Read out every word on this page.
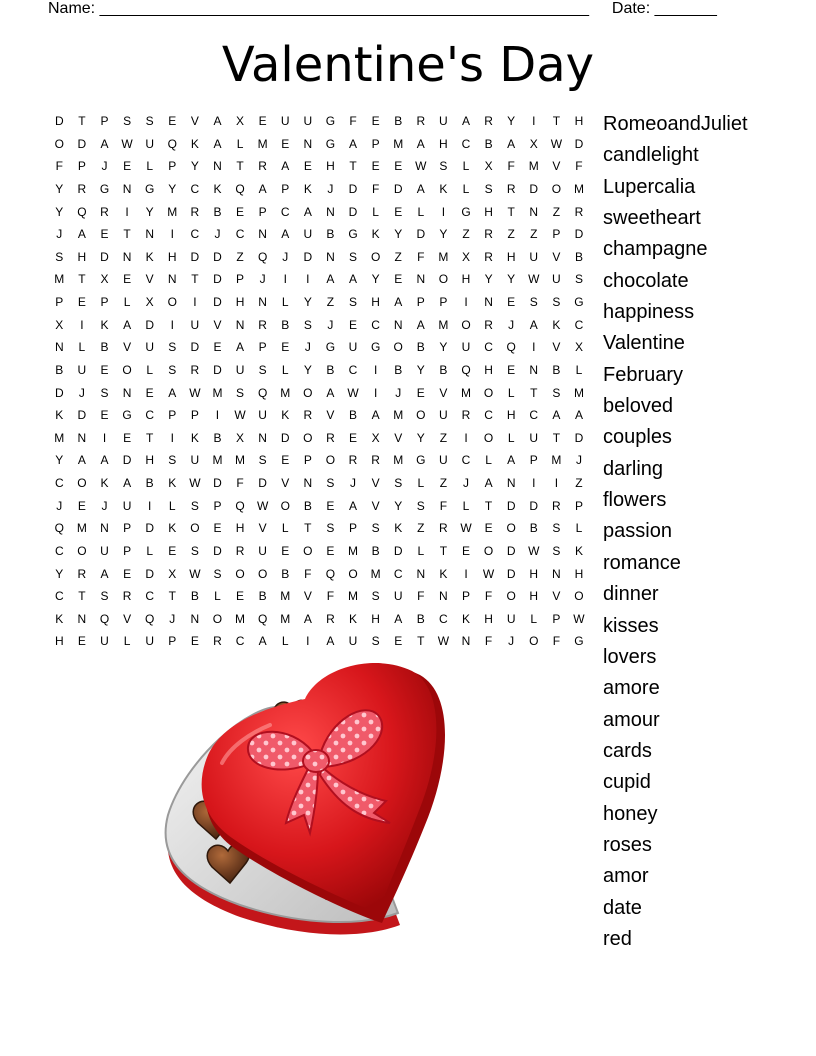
Name: _______________________________________________________ Date: _______
Valentine's Day
D	T	P	S	S	E	V	A	X	E	U	U	G	F	E	B	R	U	A	R	Y	I	T	H
O	D	A	W	U	Q	K	A	L	M	E	N	G	A	P	M	A	H	C	B	A	X	W	D
F	P	J	E	L	P	Y	N	T	R	A	E	H	T	E	E	W	S	L	X	F	M	V	F
Y	R	G	N	G	Y	C	K	Q	A	P	K	J	D	F	D	A	K	L	S	R	D	O	M
Y	Q	R	I	Y	M	R	B	E	P	C	A	N	D	L	E	L	I	G	H	T	N	Z	R
J	A	E	T	N	I	C	J	C	N	A	U	B	G	K	Y	D	Y	Z	R	Z	Z	P	D
S	H	D	N	K	H	D	D	Z	Q	J	D	N	S	O	Z	F	M	X	R	H	U	V	B
M	T	X	E	V	N	T	D	P	J	I	I	A	A	Y	E	N	O	H	Y	Y	W	U	S
P	E	P	L	X	O	I	D	H	N	L	Y	Z	S	H	A	P	P	I	N	E	S	S	G
X	I	K	A	D	I	U	V	N	R	B	S	J	E	C	N	A	M	O	R	J	A	K	C
N	L	B	V	U	S	D	E	A	P	E	J	G	U	G	O	B	Y	U	C	Q	I	V	X
B	U	E	O	L	S	R	D	U	S	L	Y	B	C	I	B	Y	B	Q	H	E	N	B	L
D	J	S	N	E	A	W M	S	Q	M	O	A	W	I	J	E	V	M	O	L	T	S	M
K	D	E	G	C	P	P	I	W	U	K	R	V	B	A	M	O	U	R	C	H	C	A	A
M	N	I	E	T	I	K	B	X	N	D	O	R	E	X	V	Y	Z	I	O	L	U	T	D
Y	A	A	D	H	S	U	M	M	S	E	P	O	R	R	M	G	U	C	L	A	P	M	J
C	O	K	A	B	K	W	D	F	D	V	N	S	J	V	S	L	Z	J	A	N	I	I	Z
J	E	J	U	I	L	S	P	Q	W	O	B	E	A	V	Y	S	F	L	T	D	D	R	P
Q	M	N	P	D	K	O	E	H	V	L	T	S	P	S	K	Z	R	W	E	O	B	S	L
C	O	U	P	L	E	S	D	R	U	E	O	E	M	B	D	L	T	E	O	D	W	S	K
Y	R	A	E	D	X	W	S	O	O	B	F	Q	O	M	C	N	K	I	W	D	H	N	H
C	T	S	R	C	T	B	L	E	B	M	V	F	M	S	U	F	N	P	F	O	H	V	O
K	N	Q	V	Q	J	N	O	M	Q	M	A	R	K	H	A	B	C	K	H	U	L	P	W
H	E	U	L	U	P	E	R	C	A	L	I	A	U	S	E	T	W	N	F	J	O	F	G
RomeoandJuliet
candlelight
Lupercalia
sweetheart
champagne
chocolate
happiness
Valentine
February
beloved
couples
darling
flowers
passion
romance
dinner
kisses
lovers
amore
amour
cards
cupid
honey
roses
amor
date
red
